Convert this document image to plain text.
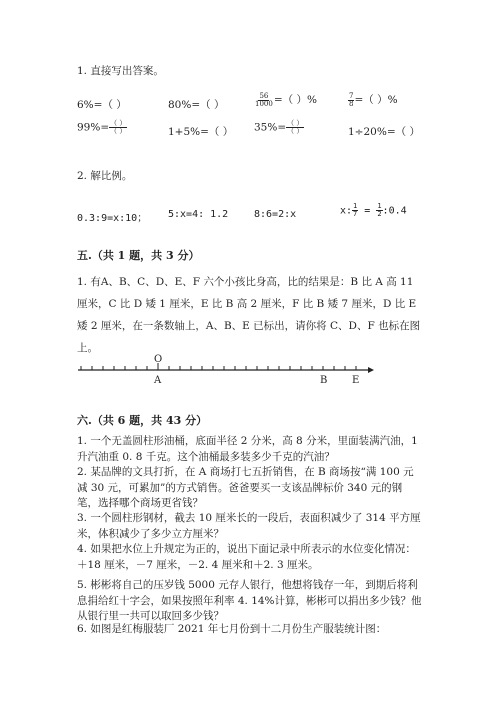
1. 直接写出答案。
6%=（ ）	80%=（ ）	$\frac{56}{1000}$ =（ ）%	$\frac{7}{8}$ =（ ）%
$99\%= \frac{( )}{( )}$	1+5%=（ ） $35\%= \frac{( )}{( )}$	1÷20%=（ ）
2. 解比例。
0.3:9=x:10； 5:x=4: 1.2	8:6=2:x	x: $\frac{1}{7} = \frac{1}{2}$ :0.4
五.（共 1 题，共 3 分）
1. 有A、B、C、D、E、F 六个小孩比身高，比的结果是：B 比 A 高 11 厘米，C 比 D 矮 1 厘米，E 比 B 高 2 厘米，F 比 B 矮 7 厘米，D 比 E 矮 2 厘米，在一条数轴上，A、B、E 已标出，请你将 C、D、F 也标在图上。
O
A	B E
六.（共 6 题，共 43 分）
1. 一个无盖圆柱形油桶，底面半径 2 分米，高 8 分米，里面装满汽油，1 升汽油重 0. 8 千克。这个油桶最多装多少千克的汽油？
2. 某品牌的文具打折，在 A 商场打七五折销售，在 B 商场按“满 100 元减 30 元，可累加”的方式销售。爸爸要买一支该品牌标价 340 元的钢笔，选择哪个商场更省钱？
3. 一个圆柱形钢材，截去 10 厘米长的一段后，表面积减少了 314 平方厘米，体积减少了多少立方厘米？
4. 如果把水位上升规定为正的，说出下面记录中所表示的水位变化情况：
＋18 厘米，－7 厘米，－2. 4 厘米和＋2. 3 厘米。
5. 彬彬将自己的压岁钱 5000 元存人银行，他想将钱存一年，到期后将利息捐给红十字会，如果按照年利率 4. 14%计算，彬彬可以捐出多少钱？他从银行里一共可以取回多少钱？
6. 如图是红梅服装厂 2021 年七月份到十二月份生产服装统计图：
